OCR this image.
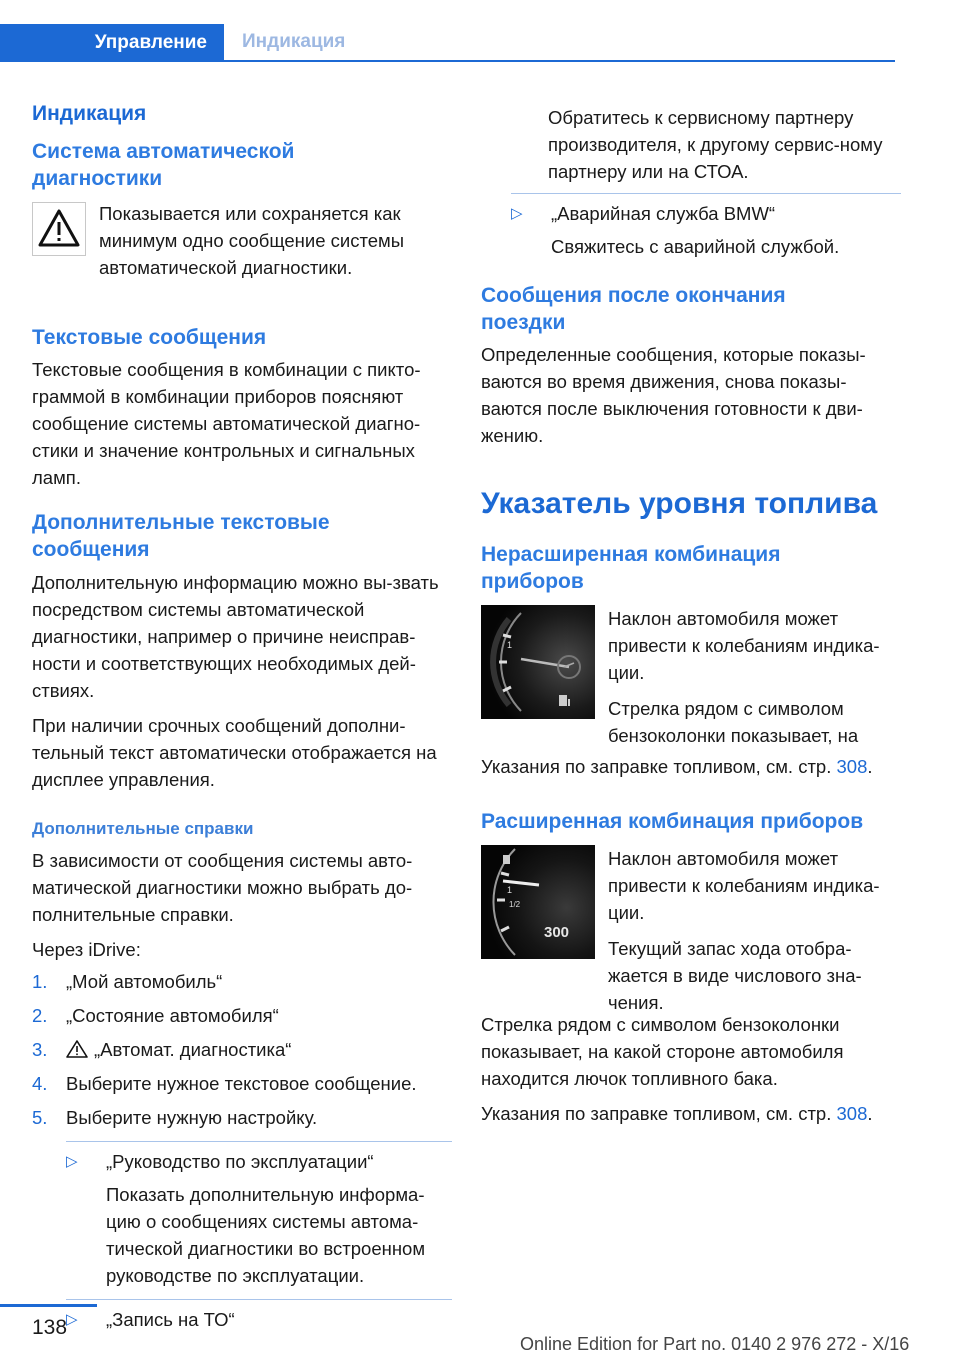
Управление	Индикация
Индикация
Система автоматической диагностики

Показывается или сохраняется как минимум одно сообщение системы автоматической диагностики.

Текстовые сообщения

Текстовые сообщения в комбинации с пикто-граммой в комбинации приборов поясняют сообщение системы автоматической диагно-стики и значение контрольных и сигнальных ламп.

Дополнительные текстовые сообщения

Дополнительную информацию можно вы-звать посредством системы автоматической диагностики, например о причине неисправ-ности и соответствующих необходимых дей-ствиях.

При наличии срочных сообщений дополни-тельный текст автоматически отображается на дисплее управления.

Дополнительные справки

В зависимости от сообщения системы авто-матической диагностики можно выбрать до-полнительные справки.

Через iDrive:

1. „Мой автомобиль“
2. „Состояние автомобиля“
3.	„Автомат. диагностика“
4. Выберите нужное текстовое сообщение.
5. Выберите нужную настройку.
▷ „Руководство по эксплуатации“
Показать дополнительную информа-цию о сообщениях системы автома-тической диагностики во встроенном руководстве по эксплуатации.
▷ „Запись на ТО“

Обратитесь к сервисному партнеру производителя, к другому сервис-ному партнеру или на СТОА.

▷ „Аварийная служба BMW“
Свяжитесь с аварийной службой.
Сообщения после окончания поездки

Определенные сообщения, которые показы-ваются во время движения, снова показы-ваются после выключения готовности к дви-жению.

Указатель уровня топлива
Нерасширенная комбинация приборов
1

Наклон автомобиля может привести к колебаниям индика-ции.

Стрелка рядом с символом бензоколонки показывает, на

Указания по заправке топливом, см. стр. 308.

Расширенная комбинация приборов
1
1/2
300

Наклон автомобиля может привести к колебаниям индика-ции.

Текущий запас хода отобра-жается в виде числового зна-чения.

Стрелка рядом с символом бензоколонки показывает, на какой стороне автомобиля находится лючок топливного бака.

Указания по заправке топливом, см. стр. 308.

138
Online Edition for Part no. 0140 2 976 272 - X/16
